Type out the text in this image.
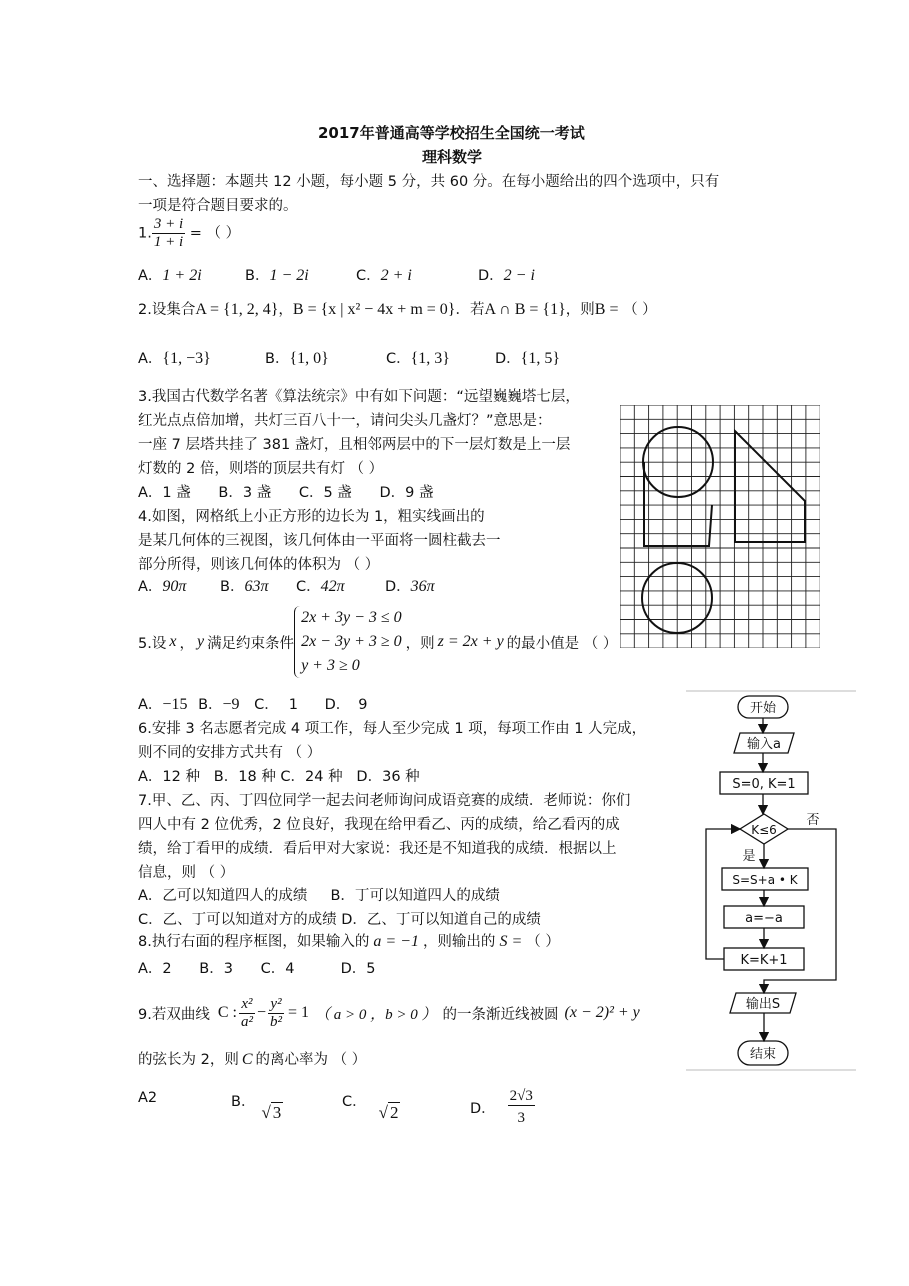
2017年普通高等学校招生全国统一考试
理科数学
一、选择题：本题共 12 小题，每小题 5 分，共 60 分。在每小题给出的四个选项中，只有
一项是符合题目要求的。
1. $\frac{3 + i}{1 + i}$ = （ ）
A．1 + 2i	B．1 − 2i	C．2 + i	D．2 − i
2.设集合A = {1, 2, 4}，B = {x | x² − 4x + m = 0}．若A ∩ B = {1}，则B = （ ）
A．{1, −3}	B．{1, 0}	C．{1, 3}	D．{1, 5}
3.我国古代数学名著《算法统宗》中有如下问题：“远望巍巍塔七层，
红光点点倍加增，共灯三百八十一，请问尖头几盏灯？”意思是：
一座 7 层塔共挂了 381 盏灯，且相邻两层中的下一层灯数是上一层
灯数的 2 倍，则塔的顶层共有灯 （ ）
A．1 盏      B．3 盏      C．5 盏      D．9 盏
4.如图，网格纸上小正方形的边长为 1，粗实线画出的
是某几何体的三视图，该几何体由一平面将一圆柱截去一
部分所得，则该几何体的体积为 （ ）
A．90π B．63π C．42π	D．36π
5.设 x ， y 满足约束条件
2x + 3y − 3 ≤ 0
2x − 3y + 3 ≥ 0
y + 3 ≥ 0
，则 z = 2x + y 的最小值是 （ ）
A．−15 B．−9 C． 1 D． 9
6.安排 3 名志愿者完成 4 项工作，每人至少完成 1 项，每项工作由 1 人完成，
则不同的安排方式共有 （ ）
A．12 种   B．18 种 C．24 种   D．36 种
7.甲、乙、丙、丁四位同学一起去问老师询问成语竞赛的成绩．老师说：你们
四人中有 2 位优秀，2 位良好，我现在给甲看乙、丙的成绩，给乙看丙的成
绩，给丁看甲的成绩．看后甲对大家说：我还是不知道我的成绩．根据以上
信息，则 （ ）
A．乙可以知道四人的成绩     B．丁可以知道四人的成绩
C．乙、丁可以知道对方的成绩 D．乙、丁可以知道自己的成绩
8.执行右面的程序框图，如果输入的 a = −1 ，则输出的 S = （ ）
A．2      B．3      C．4          D．5
9.若双曲线 C : $\frac{\text{x²}}{\text{a²}} - \frac{\text{y²}}{\text{b²}} = 1$ （ a > 0 ，b > 0 ） 的一条渐近线被圆 (x − 2)² + y
的弦长为 2，则 C 的离心率为 （ ）
A2	B．√ 3
C．√ 2	D． $\frac{2√3}{3}$
开始
输入a
S=0, K=1
K≤6
否
是
S=S+a • K
a=−a
K=K+1
输出S
结束
